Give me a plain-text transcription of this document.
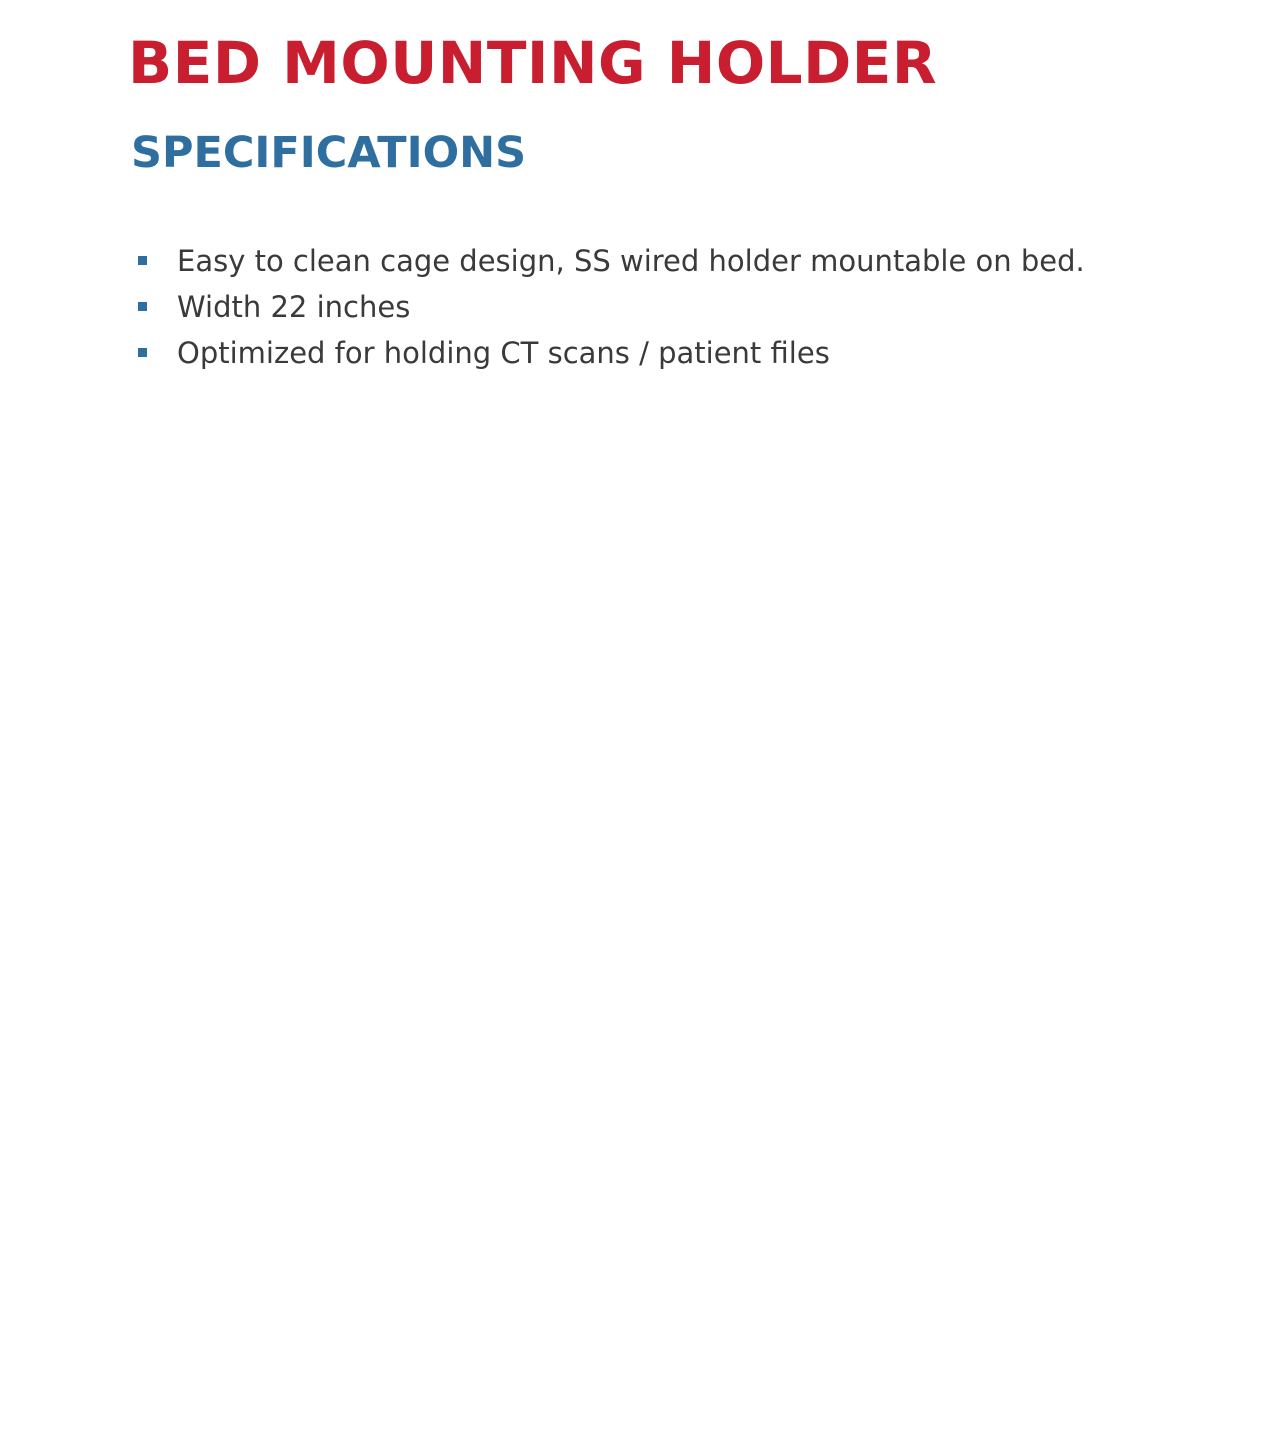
BED MOUNTING HOLDER
SPECIFICATIONS
Easy to clean cage design, SS wired holder mountable on bed.
Width 22 inches
Optimized for holding CT scans / patient files
